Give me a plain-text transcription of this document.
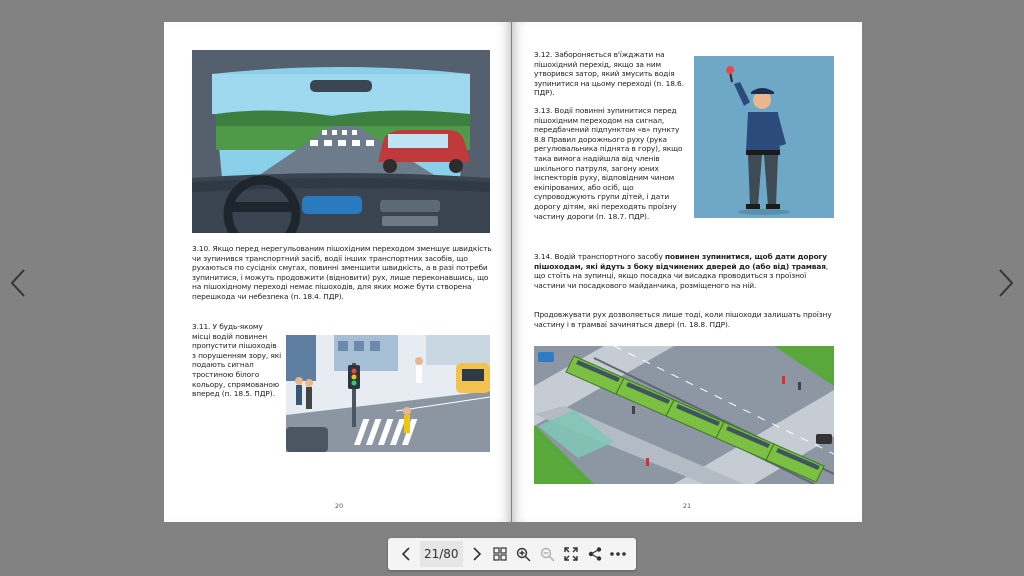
3.10. Якщо перед нерегульованим пішохідним переходом зменшує швидкість чи зупинився транспортний засіб, водії інших транспортних засобів, що рухаються по сусідніх смугах, повинні зменшити швидкість, а в разі потреби зупинитися, і можуть продовжити (відновити) рух, лише переконавшись, що на пішохідному переході немає пішоходів, для яких може бути створена перешкода чи небезпека (п. 18.4. ПДР).
3.11. У будь-якому місці водій повинен пропустити пішоходів з порушенням зору, які подають сигнал тростиною білого кольору, спрямованою вперед (п. 18.5. ПДР).
20
3.12. Забороняється в'їжджати на пішохідний перехід, якщо за ним утворився затор, який змусить водія зупинитися на цьому переході (п. 18.6. ПДР).
3.13. Водії повинні зупинитися перед пішохідним переходом на сигнал, передбачений підпунктом «в» пункту 8.8 Правил дорожнього руху (рука регулювальника піднята в гору), якщо така вимога надійшла від членів шкільного патруля, загону юних інспекторів руху, відповідним чином екіпірованих, або осіб, що супроводжують групи дітей, і дати дорогу дітям, які переходять проїзну частину дороги (п. 18.7. ПДР).
3.14. Водій транспортного засобу повинен зупинитися, щоб дати дорогу пішоходам, які йдуть з боку відчинених дверей до (або від) трамвая, що стоїть на зупинці, якщо посадка чи висадка проводиться з проїзної частини чи посадкового майданчика, розміщеного на ній.
Продовжувати рух дозволяється лише тоді, коли пішоходи залишать проїзну частину і в трамваї зачиняться двері (п. 18.8. ПДР).
21
21/80
